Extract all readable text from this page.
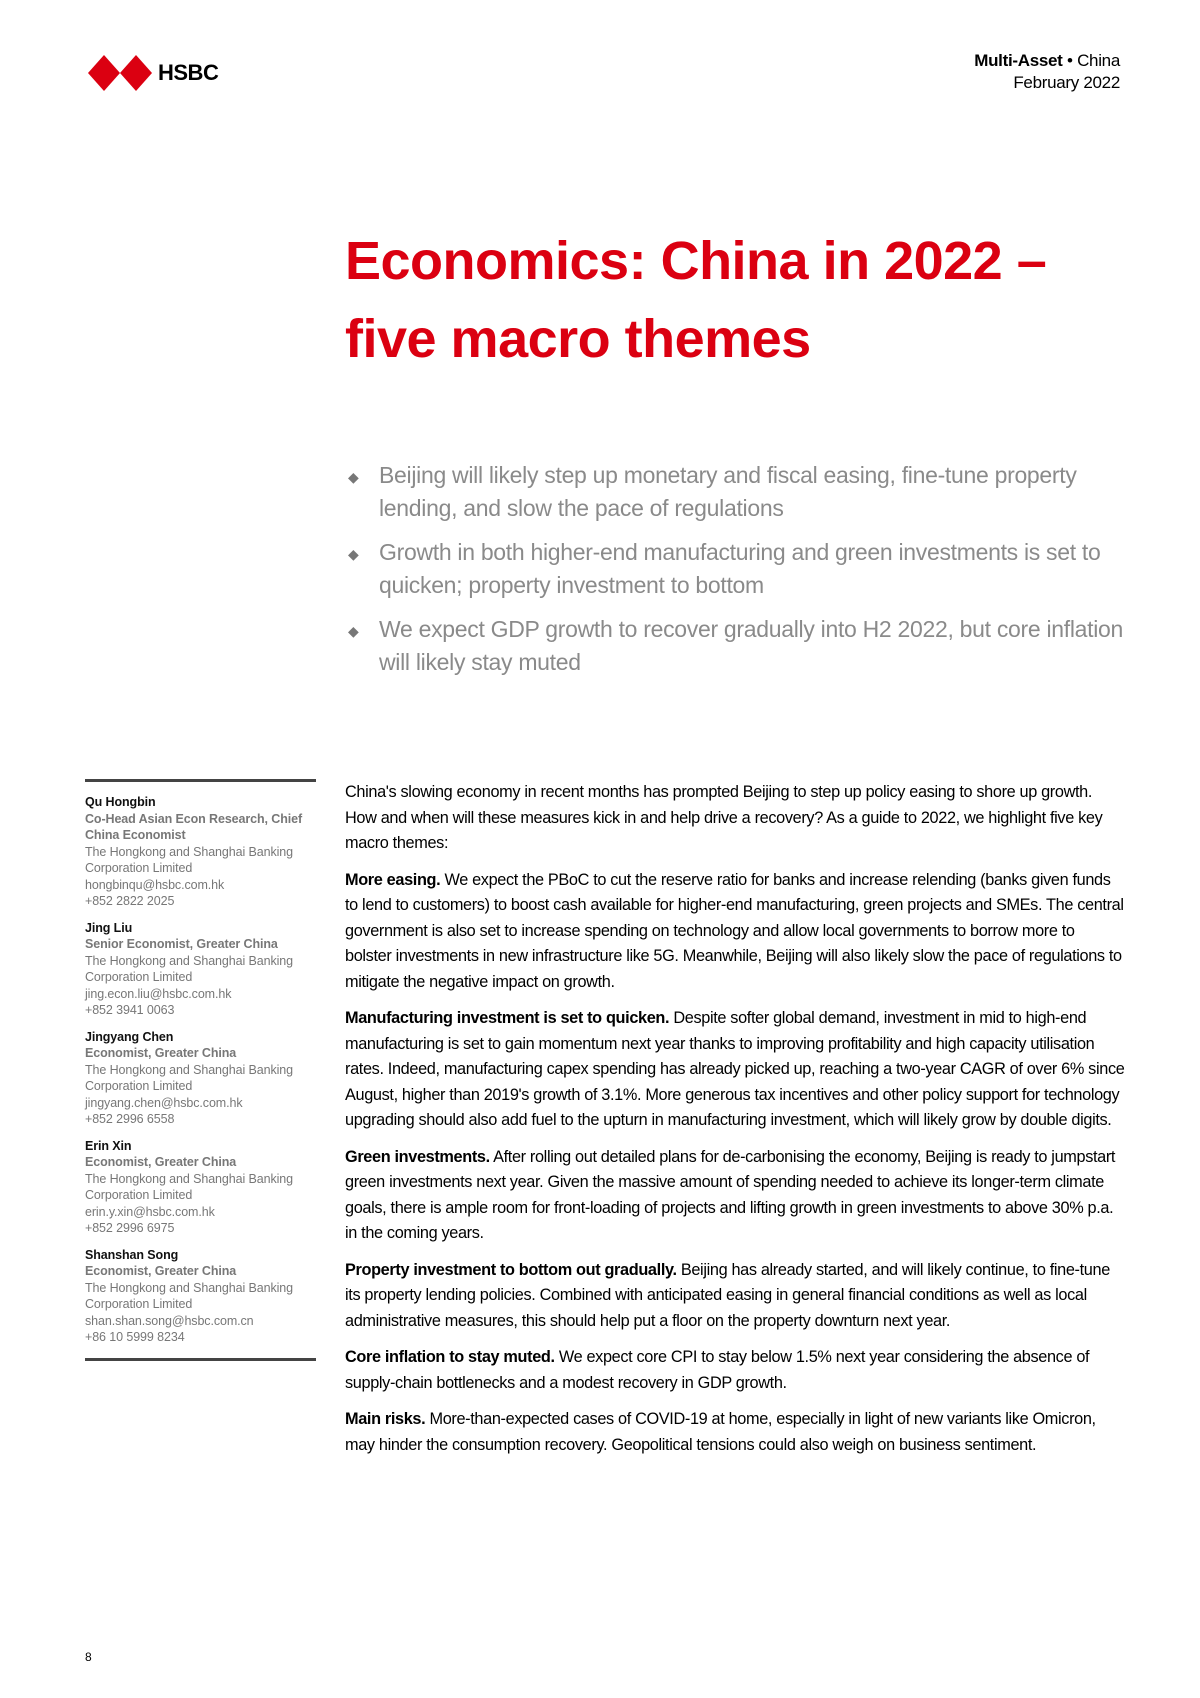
HSBC	Multi-Asset • China
February 2022
Economics: China in 2022 –
five macro themes
◆ Beijing will likely step up monetary and fiscal easing, fine-tune property lending, and slow the pace of regulations
◆ Growth in both higher-end manufacturing and green investments is set to quicken; property investment to bottom
◆ We expect GDP growth to recover gradually into H2 2022, but core inflation will likely stay muted
Qu Hongbin
Co-Head Asian Econ Research, Chief China Economist
The Hongkong and Shanghai Banking Corporation Limited
hongbinqu@hsbc.com.hk
+852 2822 2025
Jing Liu
Senior Economist, Greater China
The Hongkong and Shanghai Banking Corporation Limited
jing.econ.liu@hsbc.com.hk
+852 3941 0063
Jingyang Chen
Economist, Greater China
The Hongkong and Shanghai Banking Corporation Limited
jingyang.chen@hsbc.com.hk
+852 2996 6558
Erin Xin
Economist, Greater China
The Hongkong and Shanghai Banking Corporation Limited
erin.y.xin@hsbc.com.hk
+852 2996 6975
Shanshan Song
Economist, Greater China
The Hongkong and Shanghai Banking Corporation Limited
shan.shan.song@hsbc.com.cn
+86 10 5999 8234

China's slowing economy in recent months has prompted Beijing to step up policy easing to shore up growth. How and when will these measures kick in and help drive a recovery? As a guide to 2022, we highlight five key macro themes:

More easing. We expect the PBoC to cut the reserve ratio for banks and increase relending (banks given funds to lend to customers) to boost cash available for higher-end manufacturing, green projects and SMEs. The central government is also set to increase spending on technology and allow local governments to borrow more to bolster investments in new infrastructure like 5G. Meanwhile, Beijing will also likely slow the pace of regulations to mitigate the negative impact on growth.

Manufacturing investment is set to quicken. Despite softer global demand, investment in mid to high-end manufacturing is set to gain momentum next year thanks to improving profitability and high capacity utilisation rates. Indeed, manufacturing capex spending has already picked up, reaching a two-year CAGR of over 6% since August, higher than 2019's growth of 3.1%. More generous tax incentives and other policy support for technology upgrading should also add fuel to the upturn in manufacturing investment, which will likely grow by double digits.

Green investments. After rolling out detailed plans for de-carbonising the economy, Beijing is ready to jumpstart green investments next year. Given the massive amount of spending needed to achieve its longer-term climate goals, there is ample room for front-loading of projects and lifting growth in green investments to above 30% p.a. in the coming years.

Property investment to bottom out gradually. Beijing has already started, and will likely continue, to fine-tune its property lending policies. Combined with anticipated easing in general financial conditions as well as local administrative measures, this should help put a floor on the property downturn next year.

Core inflation to stay muted. We expect core CPI to stay below 1.5% next year considering the absence of supply-chain bottlenecks and a modest recovery in GDP growth.

Main risks. More-than-expected cases of COVID-19 at home, especially in light of new variants like Omicron, may hinder the consumption recovery. Geopolitical tensions could also weigh on business sentiment.

8
